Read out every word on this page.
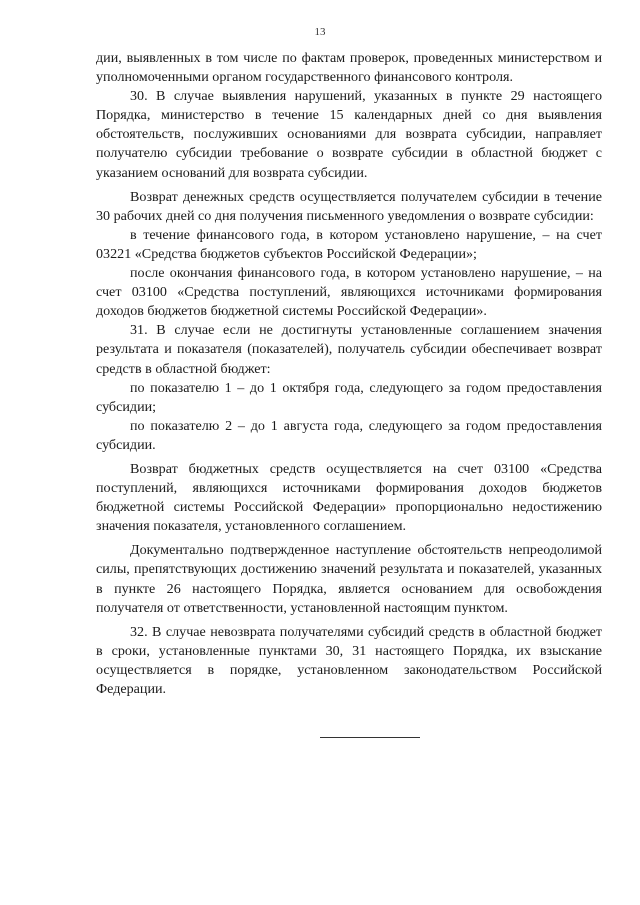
13

дии, выявленных в том числе по фактам проверок, проведенных министерством и уполномоченными органом государственного финансового контроля.

30. В случае выявления нарушений, указанных в пункте 29 настоящего Порядка, министерство в течение 15 календарных дней со дня выявления обстоятельств, послуживших основаниями для возврата субсидии, направляет получателю субсидии требование о возврате субсидии в областной бюджет с указанием оснований для возврата субсидии.

Возврат денежных средств осуществляется получателем субсидии в течение 30 рабочих дней со дня получения письменного уведомления о возврате субсидии:

в течение финансового года, в котором установлено нарушение, – на счет 03221 «Средства бюджетов субъектов Российской Федерации»;

после окончания финансового года, в котором установлено нарушение, – на счет 03100 «Средства поступлений, являющихся источниками формирования доходов бюджетов бюджетной системы Российской Федерации».

31. В случае если не достигнуты установленные соглашением значения результата и показателя (показателей), получатель субсидии обеспечивает возврат средств в областной бюджет:

по показателю 1 – до 1 октября года, следующего за годом предоставления субсидии;

по показателю 2 – до 1 августа года, следующего за годом предоставления субсидии.

Возврат бюджетных средств осуществляется на счет 03100 «Средства поступлений, являющихся источниками формирования доходов бюджетов бюджетной системы Российской Федерации» пропорционально недостижению значения показателя, установленного соглашением.

Документально подтвержденное наступление обстоятельств непреодолимой силы, препятствующих достижению значений результата и показателей, указанных в пункте 26 настоящего Порядка, является основанием для освобождения получателя от ответственности, установленной настоящим пунктом.

32. В случае невозврата получателями субсидий средств в областной бюджет в сроки, установленные пунктами 30, 31 настоящего Порядка, их взыскание осуществляется в порядке, установленном законодательством Российской Федерации.
